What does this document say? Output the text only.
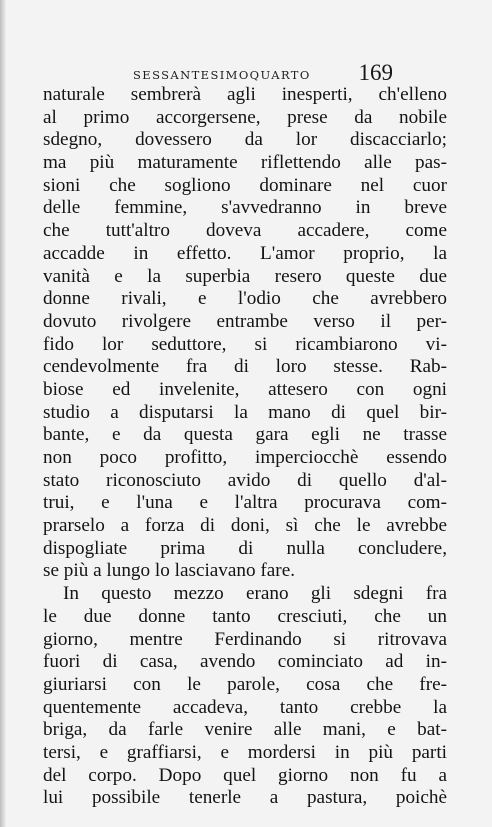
SESSANTESIMOQUARTO 169
naturale sembrerà agli inesperti, ch'elleno
al primo accorgersene, prese da nobile
sdegno, dovessero da lor discacciarlo;
ma più maturamente riflettendo alle pas-
sioni che sogliono dominare nel cuor
delle femmine, s'avvedranno in breve
che tutt'altro doveva accadere, come
accadde in effetto. L'amor proprio, la
vanità e la superbia resero queste due
donne rivali, e l'odio che avrebbero
dovuto rivolgere entrambe verso il per-
fido lor seduttore, si ricambiarono vi-
cendevolmente fra di loro stesse. Rab-
biose ed invelenite, attesero con ogni
studio a disputarsi la mano di quel bir-
bante, e da questa gara egli ne trasse
non poco profitto, imperciocchè essendo
stato riconosciuto avido di quello d'al-
trui, e l'una e l'altra procurava com-
prarselo a forza di doni, sì che le avrebbe
dispogliate prima di nulla concludere,
se più a lungo lo lasciavano fare.
In questo mezzo erano gli sdegni fra
le due donne tanto cresciuti, che un
giorno, mentre Ferdinando si ritrovava
fuori di casa, avendo cominciato ad in-
giuriarsi con le parole, cosa che fre-
quentemente accadeva, tanto crebbe la
briga, da farle venire alle mani, e bat-
tersi, e graffiarsi, e mordersi in più parti
del corpo. Dopo quel giorno non fu a
lui possibile tenerle a pastura, poichè
